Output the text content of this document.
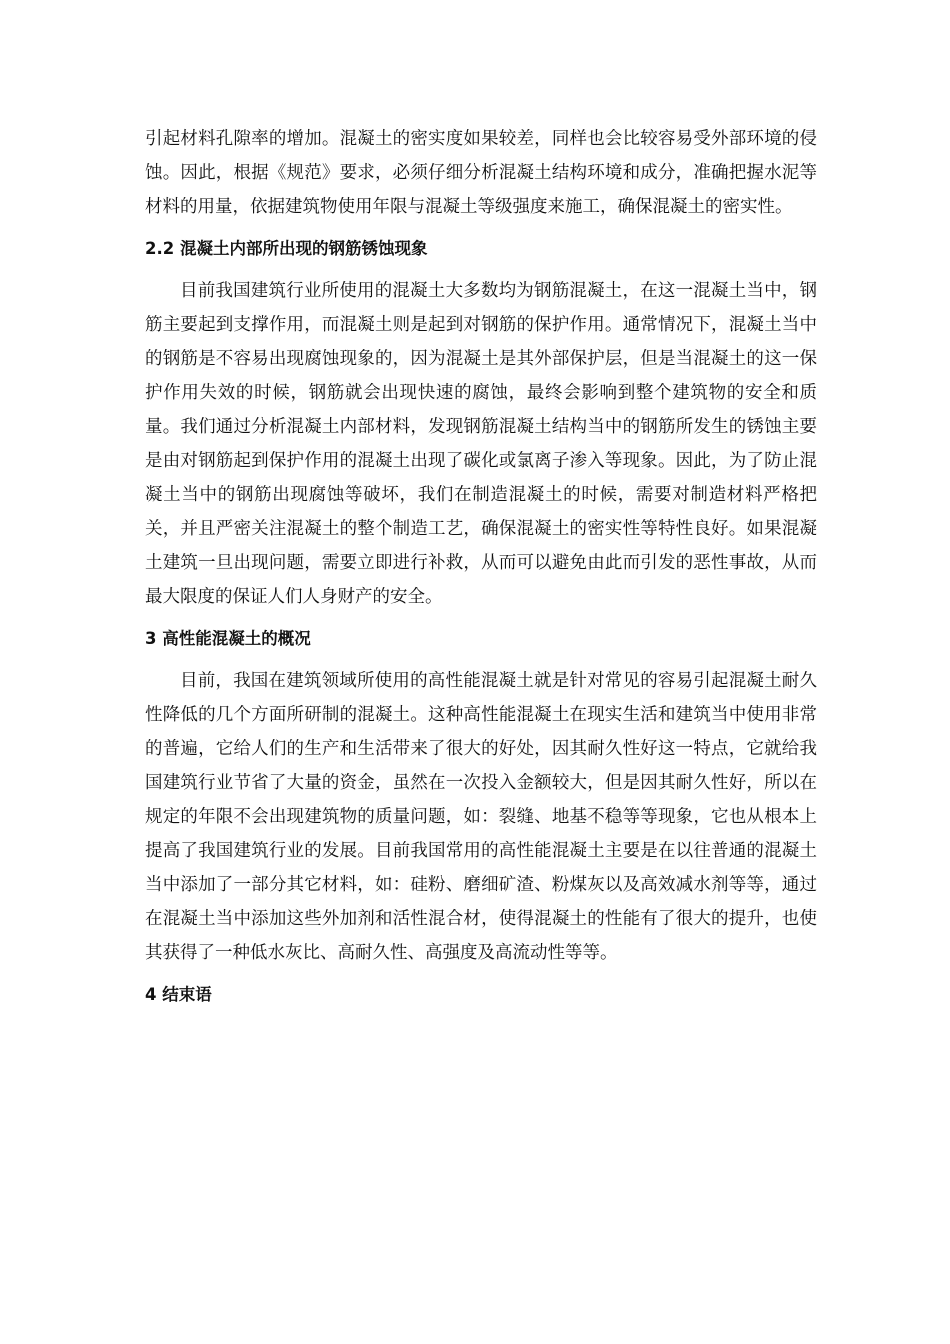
引起材料孔隙率的增加。混凝土的密实度如果较差，同样也会比较容易受外部环境的侵蚀。因此，根据《规范》要求，必须仔细分析混凝土结构环境和成分，准确把握水泥等材料的用量，依据建筑物使用年限与混凝土等级强度来施工，确保混凝土的密实性。

2.2 混凝土内部所出现的钢筋锈蚀现象

目前我国建筑行业所使用的混凝土大多数均为钢筋混凝土，在这一混凝土当中，钢筋主要起到支撑作用，而混凝土则是起到对钢筋的保护作用。通常情况下，混凝土当中的钢筋是不容易出现腐蚀现象的，因为混凝土是其外部保护层，但是当混凝土的这一保护作用失效的时候，钢筋就会出现快速的腐蚀，最终会影响到整个建筑物的安全和质量。我们通过分析混凝土内部材料，发现钢筋混凝土结构当中的钢筋所发生的锈蚀主要是由对钢筋起到保护作用的混凝土出现了碳化或氯离子渗入等现象。因此，为了防止混凝土当中的钢筋出现腐蚀等破坏，我们在制造混凝土的时候，需要对制造材料严格把关，并且严密关注混凝土的整个制造工艺，确保混凝土的密实性等特性良好。如果混凝土建筑一旦出现问题，需要立即进行补救，从而可以避免由此而引发的恶性事故，从而最大限度的保证人们人身财产的安全。

3 高性能混凝土的概况

目前，我国在建筑领域所使用的高性能混凝土就是针对常见的容易引起混凝土耐久性降低的几个方面所研制的混凝土。这种高性能混凝土在现实生活和建筑当中使用非常的普遍，它给人们的生产和生活带来了很大的好处，因其耐久性好这一特点，它就给我国建筑行业节省了大量的资金，虽然在一次投入金额较大，但是因其耐久性好，所以在规定的年限不会出现建筑物的质量问题，如：裂缝、地基不稳等等现象，它也从根本上提高了我国建筑行业的发展。目前我国常用的高性能混凝土主要是在以往普通的混凝土当中添加了一部分其它材料，如：硅粉、磨细矿渣、粉煤灰以及高效减水剂等等，通过在混凝土当中添加这些外加剂和活性混合材，使得混凝土的性能有了很大的提升，也使其获得了一种低水灰比、高耐久性、高强度及高流动性等等。

4 结束语
